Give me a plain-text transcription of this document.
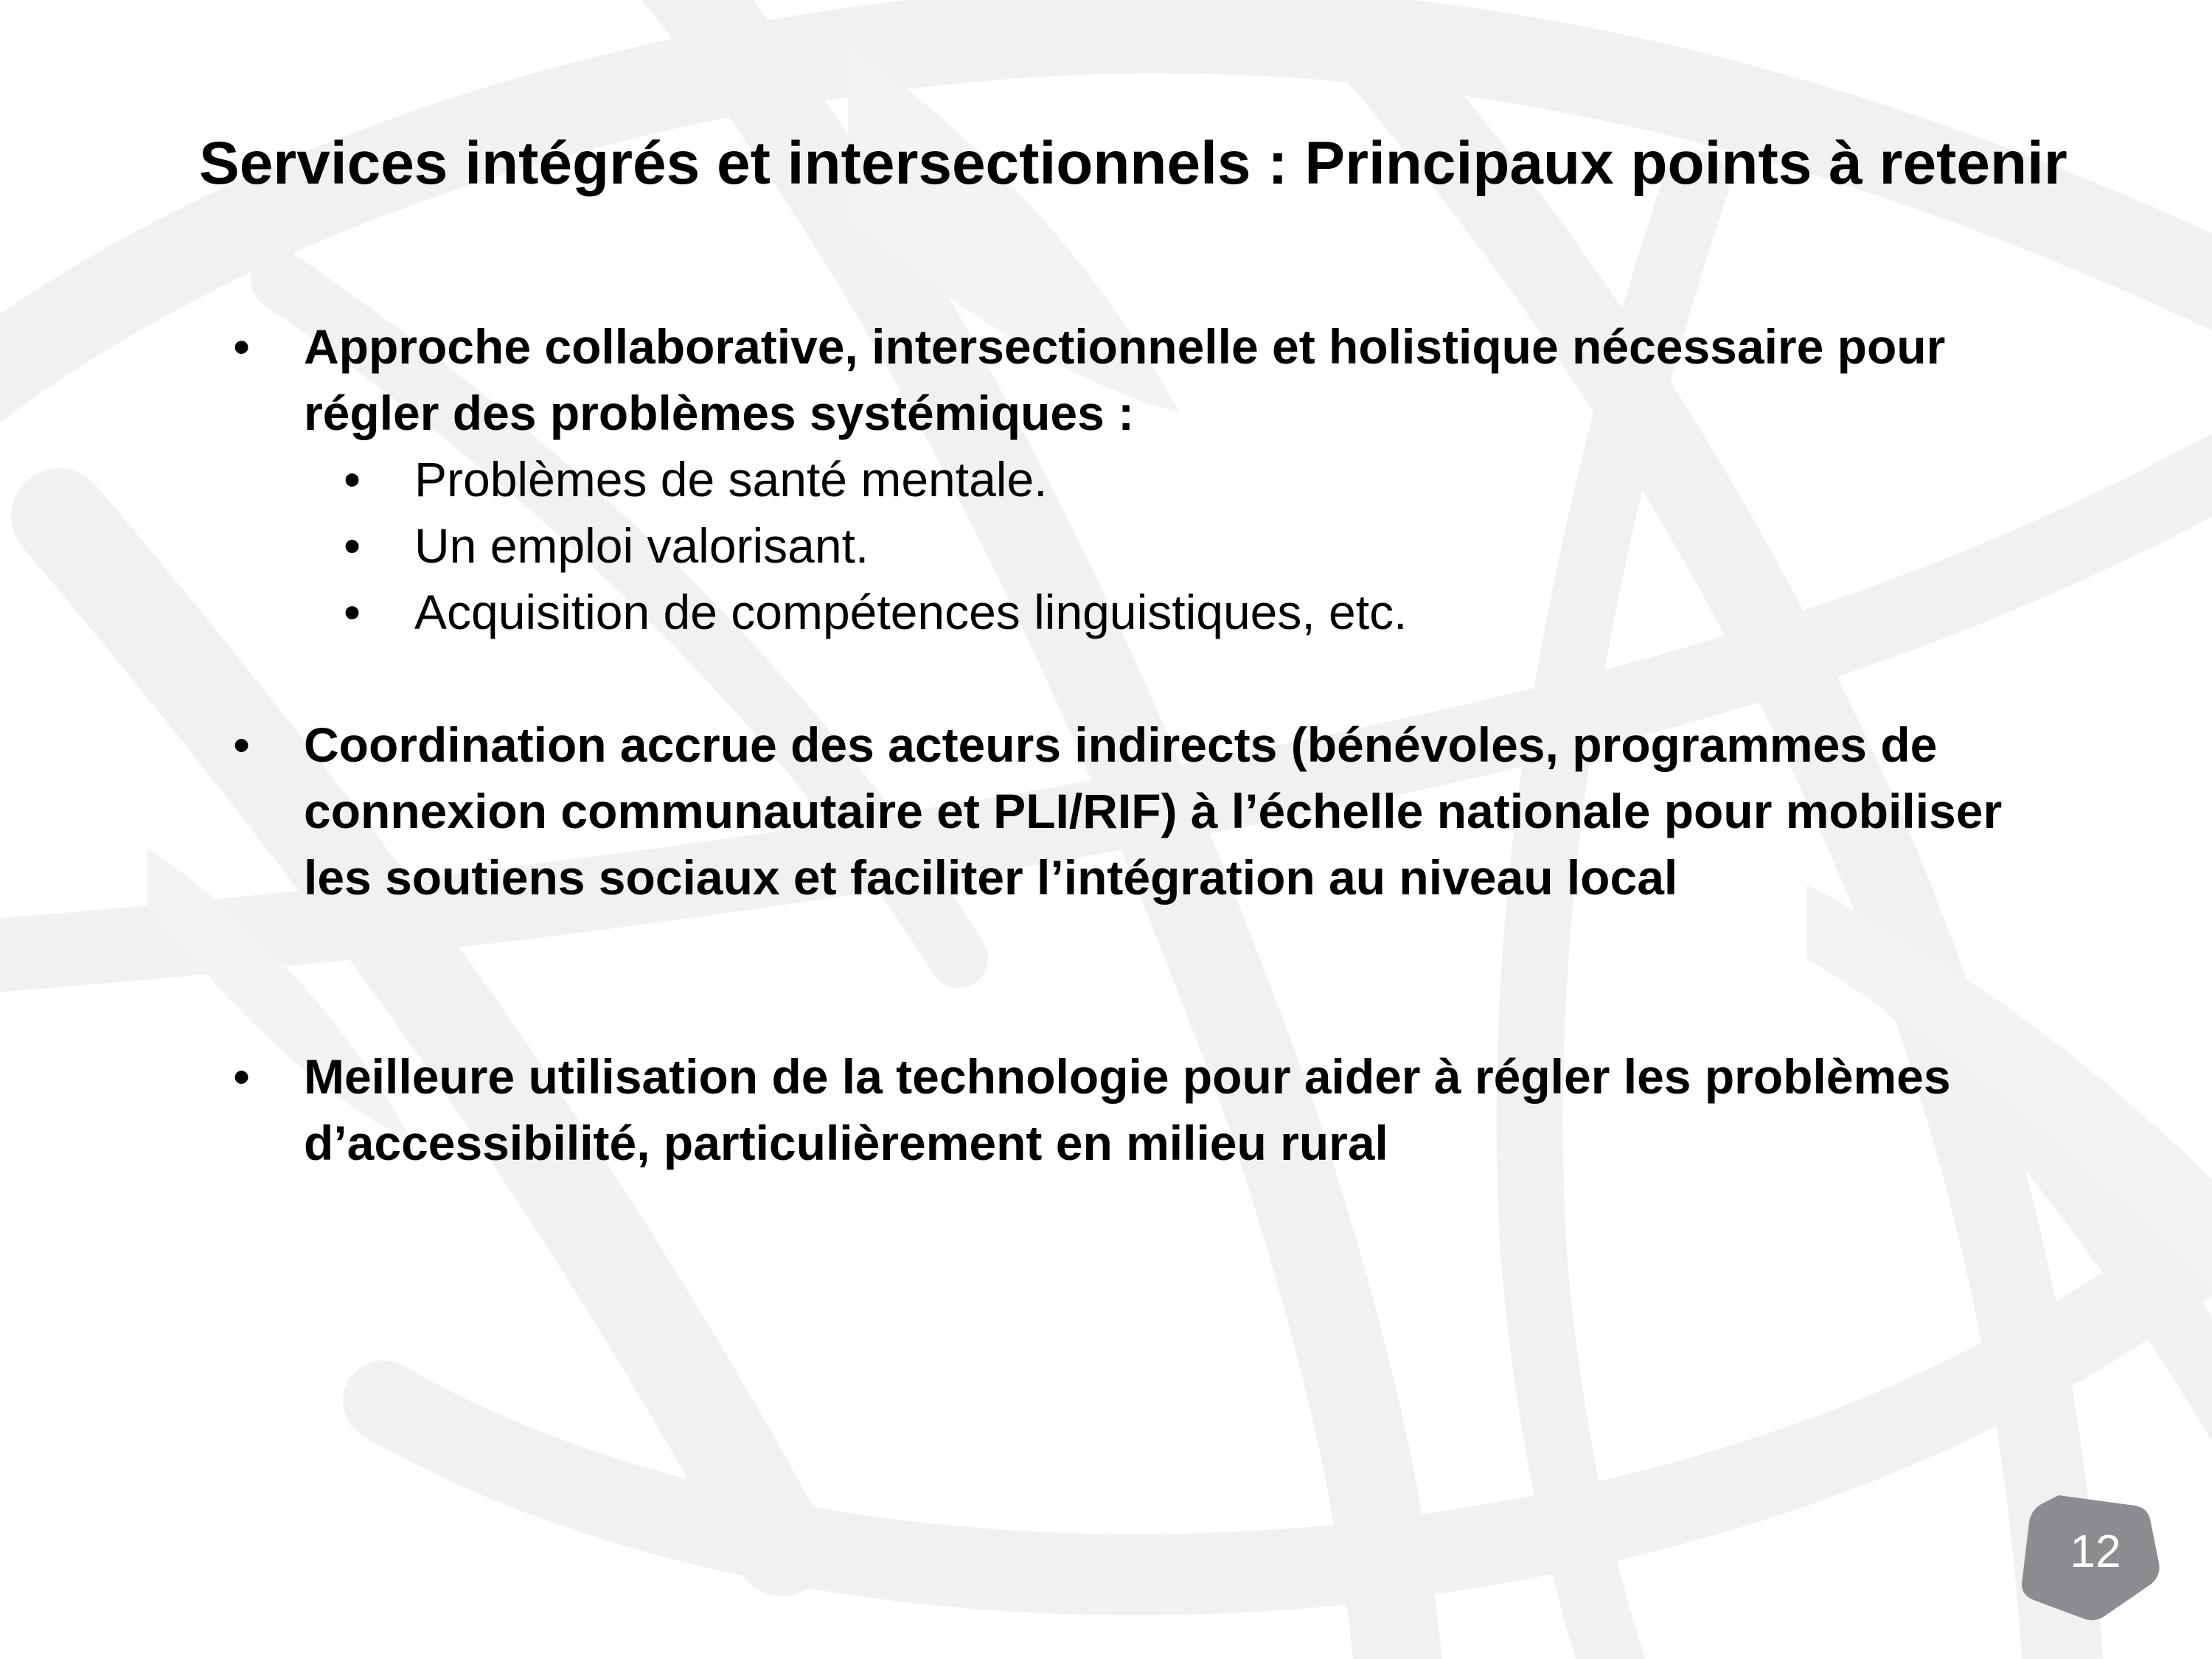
Services intégrés et intersectionnels : Principaux points à retenir
• Approche collaborative, intersectionnelle et holistique nécessaire pour régler des problèmes systémiques :
• Problèmes de santé mentale.
• Un emploi valorisant.
• Acquisition de compétences linguistiques, etc.
• Coordination accrue des acteurs indirects (bénévoles, programmes de connexion communautaire et PLI/RIF) à l’échelle nationale pour mobiliser les soutiens sociaux et faciliter l’intégration au niveau local
• Meilleure utilisation de la technologie pour aider à régler les problèmes d’accessibilité, particulièrement en milieu rural
12
